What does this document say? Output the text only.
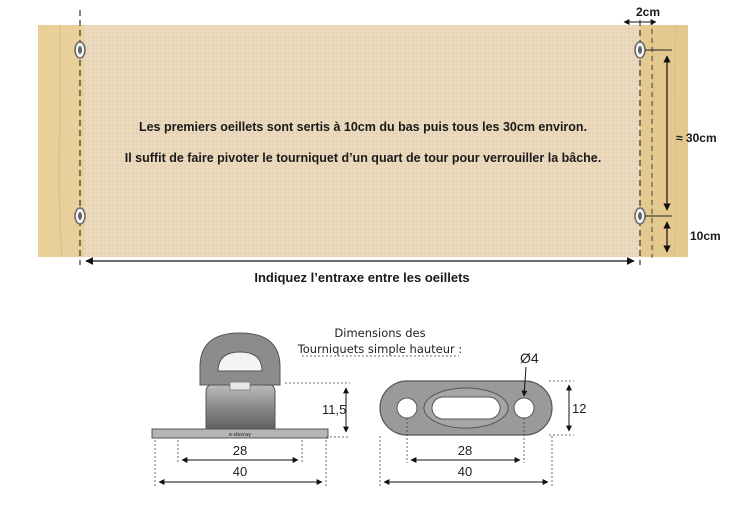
Les premiers oeillets sont sertis à 10cm du bas puis tous les 30cm environ.
Il suffit de faire pivoter le tourniquet d’un quart de tour pour verrouiller la bâche.
2cm
≈ 30cm
10cm
Indiquez l’entraxe entre les oeillets
Dimensions des
Tourniquets simple hauteur :
e-davray
11,5
28
40
Ø4
12
28
40
